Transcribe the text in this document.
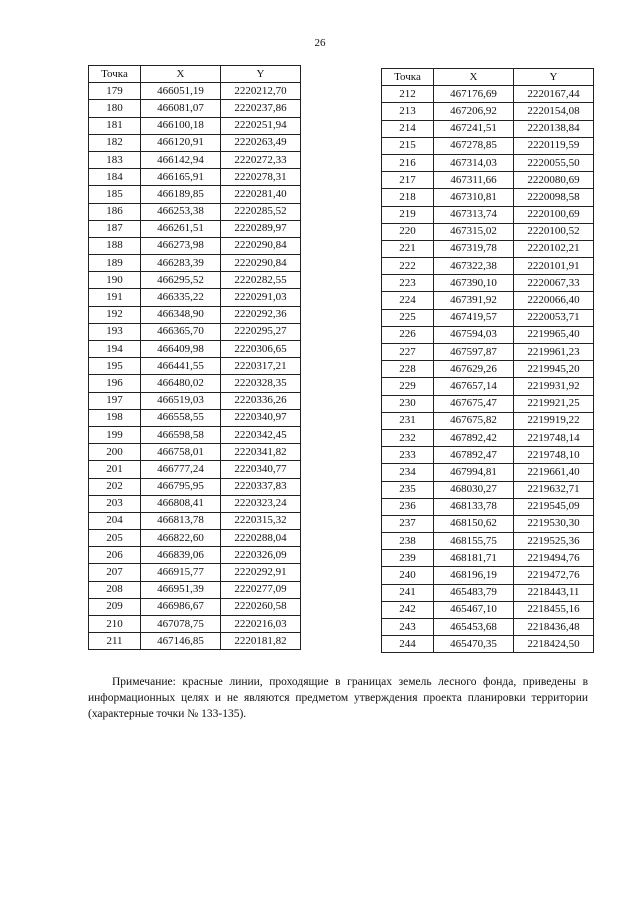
26
Точка	X	Y
179	466051,19	2220212,70
180	466081,07	2220237,86
181	466100,18	2220251,94
182	466120,91	2220263,49
183	466142,94	2220272,33
184	466165,91	2220278,31
185	466189,85	2220281,40
186	466253,38	2220285,52
187	466261,51	2220289,97
188	466273,98	2220290,84
189	466283,39	2220290,84
190	466295,52	2220282,55
191	466335,22	2220291,03
192	466348,90	2220292,36
193	466365,70	2220295,27
194	466409,98	2220306,65
195	466441,55	2220317,21
196	466480,02	2220328,35
197	466519,03	2220336,26
198	466558,55	2220340,97
199	466598,58	2220342,45
200	466758,01	2220341,82
201	466777,24	2220340,77
202	466795,95	2220337,83
203	466808,41	2220323,24
204	466813,78	2220315,32
205	466822,60	2220288,04
206	466839,06	2220326,09
207	466915,77	2220292,91
208	466951,39	2220277,09
209	466986,67	2220260,58
210	467078,75	2220216,03
211	467146,85	2220181,82
Точка	X	Y
212	467176,69	2220167,44
213	467206,92	2220154,08
214	467241,51	2220138,84
215	467278,85	2220119,59
216	467314,03	2220055,50
217	467311,66	2220080,69
218	467310,81	2220098,58
219	467313,74	2220100,69
220	467315,02	2220100,52
221	467319,78	2220102,21
222	467322,38	2220101,91
223	467390,10	2220067,33
224	467391,92	2220066,40
225	467419,57	2220053,71
226	467594,03	2219965,40
227	467597,87	2219961,23
228	467629,26	2219945,20
229	467657,14	2219931,92
230	467675,47	2219921,25
231	467675,82	2219919,22
232	467892,42	2219748,14
233	467892,47	2219748,10
234	467994,81	2219661,40
235	468030,27	2219632,71
236	468133,78	2219545,09
237	468150,62	2219530,30
238	468155,75	2219525,36
239	468181,71	2219494,76
240	468196,19	2219472,76
241	465483,79	2218443,11
242	465467,10	2218455,16
243	465453,68	2218436,48
244	465470,35	2218424,50
Примечание: красные линии, проходящие в границах земель лесного фонда, приведены в информационных целях и не являются предметом утверждения проекта планировки территории (характерные точки № 133-135).
